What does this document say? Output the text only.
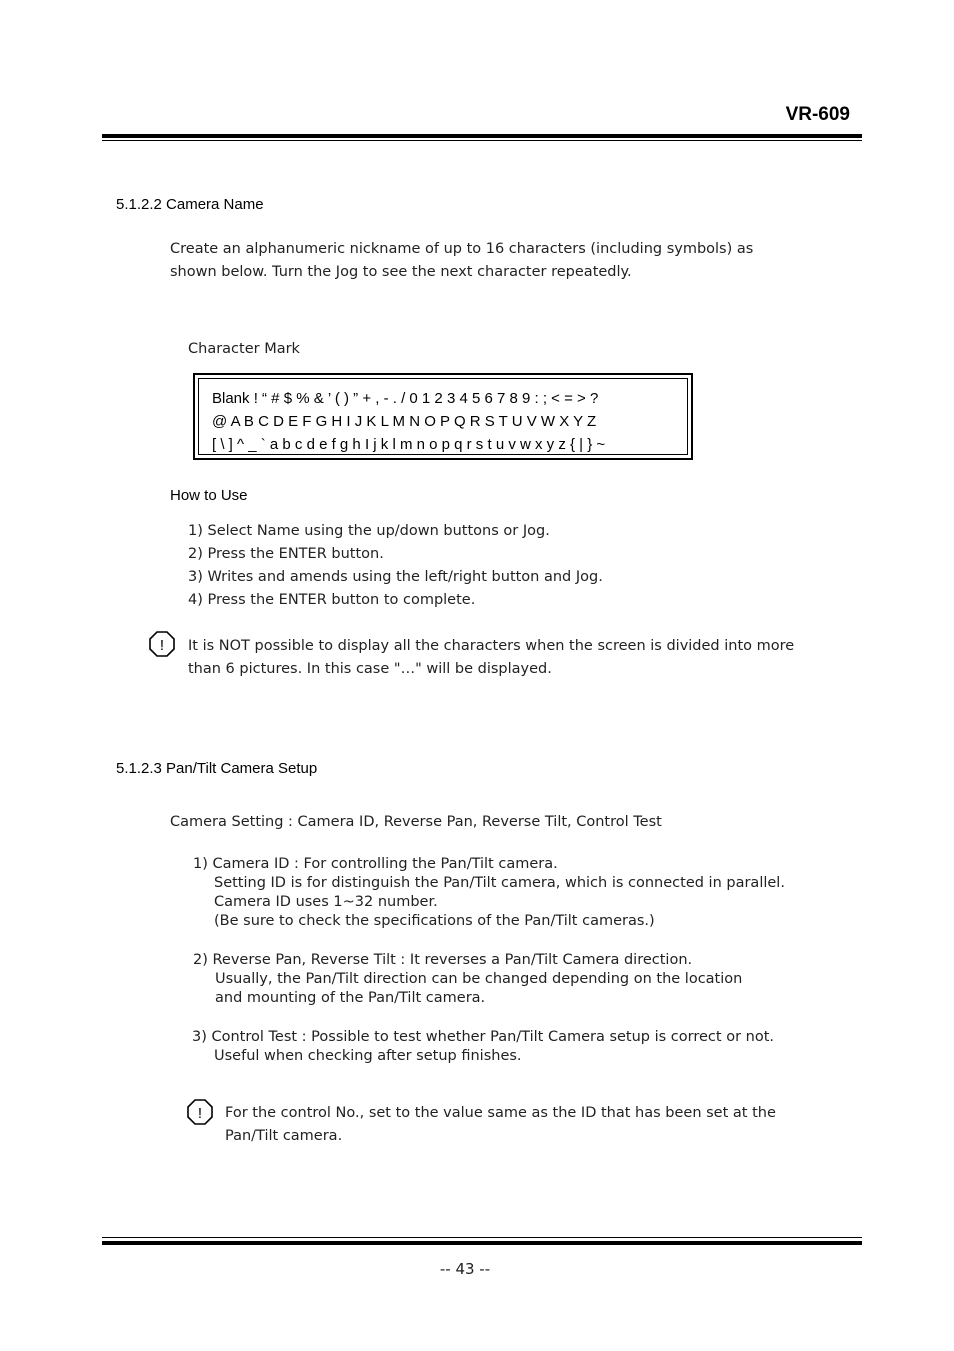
VR-609
5.1.2.2 Camera Name
Create an alphanumeric nickname of up to 16 characters (including symbols) as
shown below. Turn the Jog to see the next character repeatedly.
Character Mark
Blank ! “ # $ % & ’ ( ) ” + , - . / 0 1 2 3 4 5 6 7 8 9 : ; < = > ?
@ A B C D E F G H I J K L M N O P Q R S T U V W X Y Z
[ \ ] ^ _ ` a b c d e f g h I j k l m n o p q r s t u v w x y z { | } ~
How to Use
1) Select Name using the up/down buttons or Jog.
2) Press the ENTER button.
3) Writes and amends using the left/right button and Jog.
4) Press the ENTER button to complete.
! It is NOT possible to display all the characters when the screen is divided into more
than 6 pictures. In this case "…" will be displayed.
5.1.2.3 Pan/Tilt Camera Setup
Camera Setting : Camera ID, Reverse Pan, Reverse Tilt, Control Test
1) Camera ID : For controlling the Pan/Tilt camera.
Setting ID is for distinguish the Pan/Tilt camera, which is connected in parallel.
Camera ID uses 1~32 number.
(Be sure to check the specifications of the Pan/Tilt cameras.)
2) Reverse Pan, Reverse Tilt : It reverses a Pan/Tilt Camera direction.
Usually, the Pan/Tilt direction can be changed depending on the location
and mounting of the Pan/Tilt camera.
3) Control Test : Possible to test whether Pan/Tilt Camera setup is correct or not.
Useful when checking after setup finishes.
! For the control No., set to the value same as the ID that has been set at the
Pan/Tilt camera.
-- 43 --
